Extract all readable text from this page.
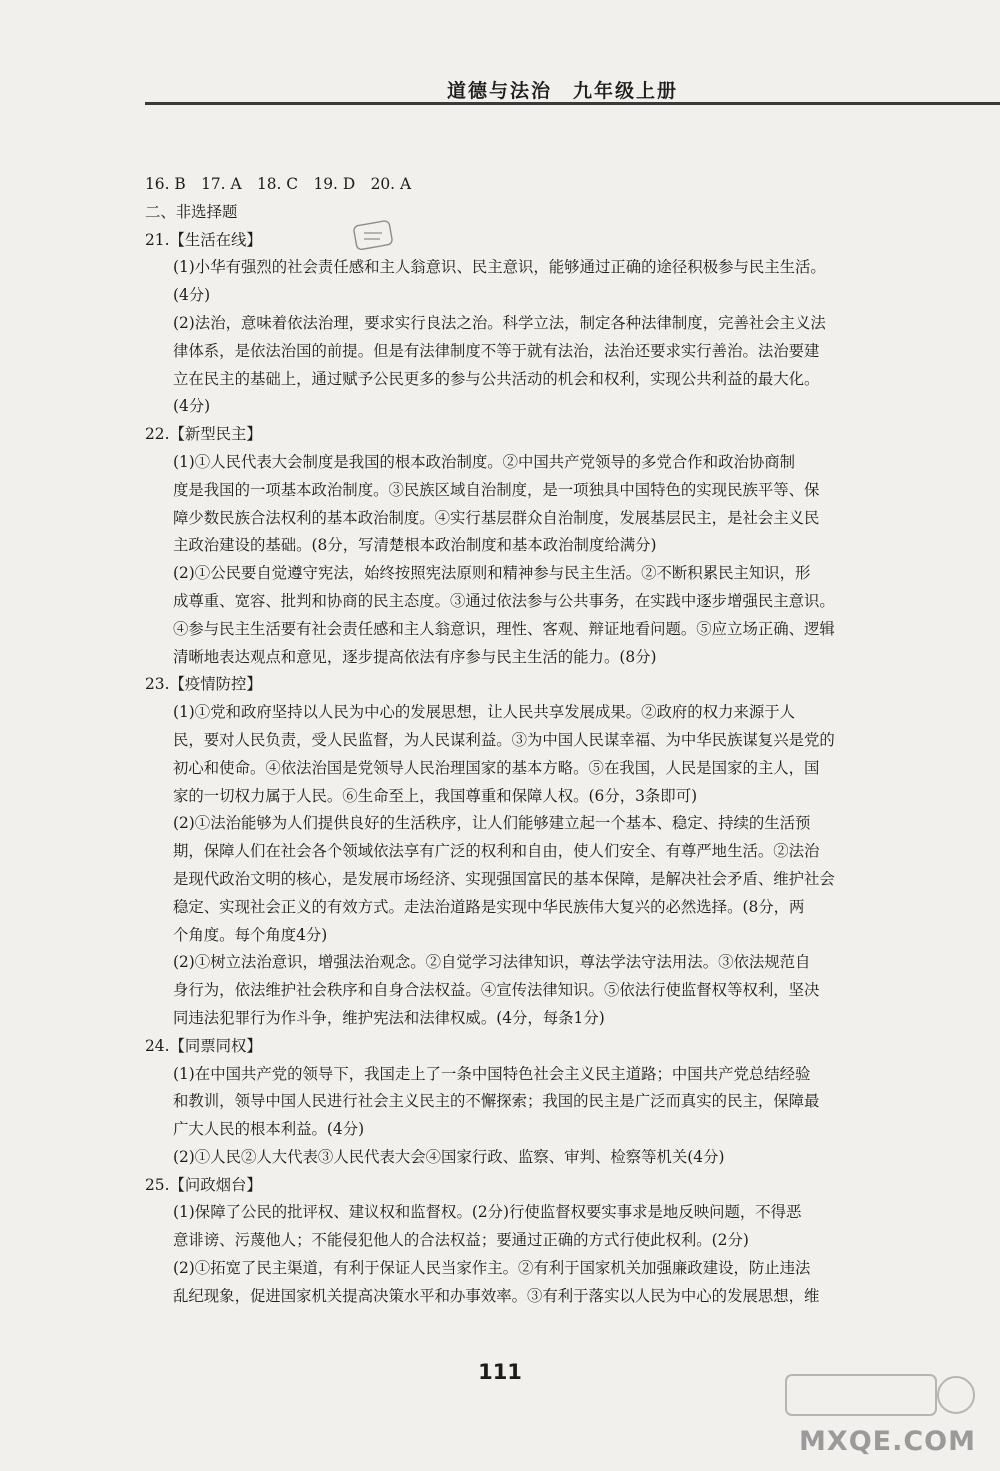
道德与法治　九年级上册
16. B　17. A　18. C　19. D　20. A
二、非选择题
21.【生活在线】
(1)小华有强烈的社会责任感和主人翁意识、民主意识，能够通过正确的途径积极参与民主生活。
(4分)
(2)法治，意味着依法治理，要求实行良法之治。科学立法，制定各种法律制度，完善社会主义法
律体系，是依法治国的前提。但是有法律制度不等于就有法治，法治还要求实行善治。法治要建
立在民主的基础上，通过赋予公民更多的参与公共活动的机会和权利，实现公共利益的最大化。
(4分)
22.【新型民主】
(1)①人民代表大会制度是我国的根本政治制度。②中国共产党领导的多党合作和政治协商制
度是我国的一项基本政治制度。③民族区域自治制度，是一项独具中国特色的实现民族平等、保
障少数民族合法权利的基本政治制度。④实行基层群众自治制度，发展基层民主，是社会主义民
主政治建设的基础。(8分，写清楚根本政治制度和基本政治制度给满分)
(2)①公民要自觉遵守宪法，始终按照宪法原则和精神参与民主生活。②不断积累民主知识，形
成尊重、宽容、批判和协商的民主态度。③通过依法参与公共事务，在实践中逐步增强民主意识。
④参与民主生活要有社会责任感和主人翁意识，理性、客观、辩证地看问题。⑤应立场正确、逻辑
清晰地表达观点和意见，逐步提高依法有序参与民主生活的能力。(8分)
23.【疫情防控】
(1)①党和政府坚持以人民为中心的发展思想，让人民共享发展成果。②政府的权力来源于人
民，要对人民负责，受人民监督，为人民谋利益。③为中国人民谋幸福、为中华民族谋复兴是党的
初心和使命。④依法治国是党领导人民治理国家的基本方略。⑤在我国，人民是国家的主人，国
家的一切权力属于人民。⑥生命至上，我国尊重和保障人权。(6分，3条即可)
(2)①法治能够为人们提供良好的生活秩序，让人们能够建立起一个基本、稳定、持续的生活预
期，保障人们在社会各个领域依法享有广泛的权利和自由，使人们安全、有尊严地生活。②法治
是现代政治文明的核心，是发展市场经济、实现强国富民的基本保障，是解决社会矛盾、维护社会
稳定、实现社会正义的有效方式。走法治道路是实现中华民族伟大复兴的必然选择。(8分，两
个角度。每个角度4分)
(2)①树立法治意识，增强法治观念。②自觉学习法律知识，尊法学法守法用法。③依法规范自
身行为，依法维护社会秩序和自身合法权益。④宣传法律知识。⑤依法行使监督权等权利，坚决
同违法犯罪行为作斗争，维护宪法和法律权威。(4分，每条1分)
24.【同票同权】
(1)在中国共产党的领导下，我国走上了一条中国特色社会主义民主道路；中国共产党总结经验
和教训，领导中国人民进行社会主义民主的不懈探索；我国的民主是广泛而真实的民主，保障最
广大人民的根本利益。(4分)
(2)①人民②人大代表③人民代表大会④国家行政、监察、审判、检察等机关(4分)
25.【问政烟台】
(1)保障了公民的批评权、建议权和监督权。(2分)行使监督权要实事求是地反映问题，不得恶
意诽谤、污蔑他人；不能侵犯他人的合法权益；要通过正确的方式行使此权利。(2分)
(2)①拓宽了民主渠道，有利于保证人民当家作主。②有利于国家机关加强廉政建设，防止违法
乱纪现象，促进国家机关提高决策水平和办事效率。③有利于落实以人民为中心的发展思想，维
111
MXQE.COM
